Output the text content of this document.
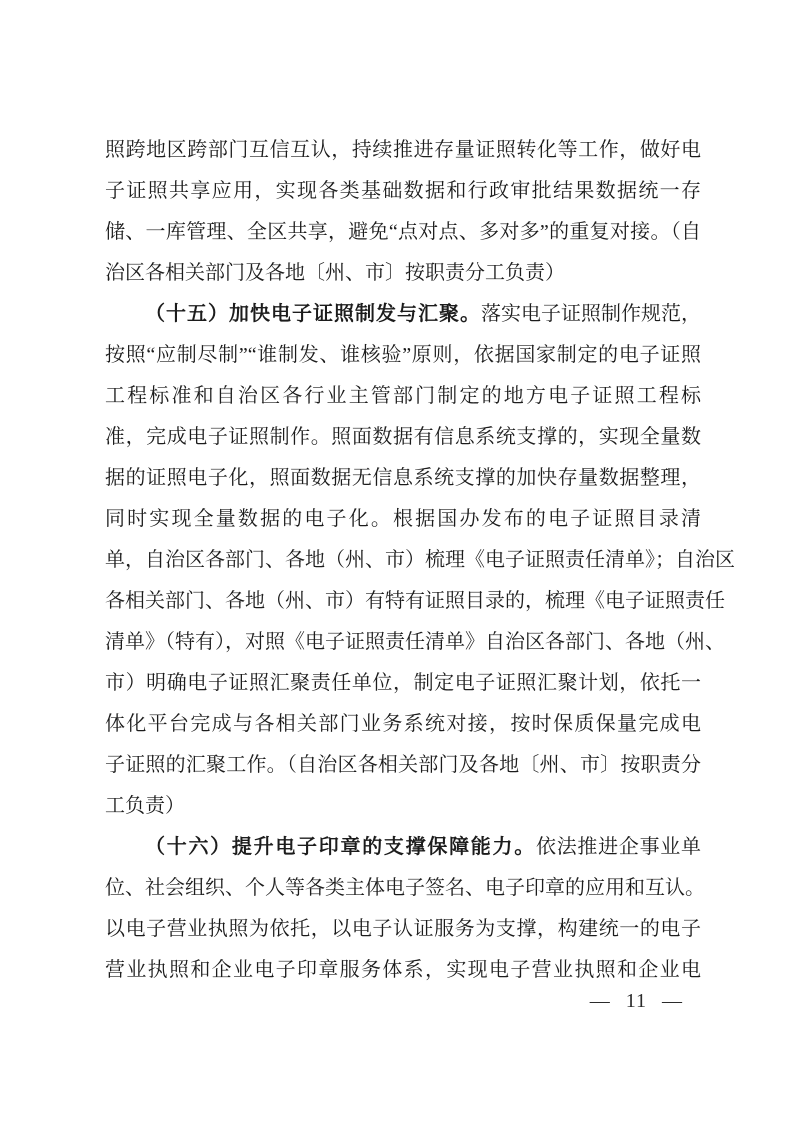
照跨地区跨部门互信互认，持续推进存量证照转化等工作，做好电
子证照共享应用，实现各类基础数据和行政审批结果数据统一存
储、一库管理、全区共享，避免“点对点、多对多”的重复对接。（自
治区各相关部门及各地〔州、市〕按职责分工负责）
（十五）加快电子证照制发与汇聚。落实电子证照制作规范，
按照“应制尽制”“谁制发、谁核验”原则，依据国家制定的电子证照
工程标准和自治区各行业主管部门制定的地方电子证照工程标
准，完成电子证照制作。照面数据有信息系统支撑的，实现全量数
据的证照电子化，照面数据无信息系统支撑的加快存量数据整理，
同时实现全量数据的电子化。根据国办发布的电子证照目录清
单，自治区各部门、各地（州、市）梳理《电子证照责任清单》；自治区
各相关部门、各地（州、市）有特有证照目录的，梳理《电子证照责任
清单》（特有），对照《电子证照责任清单》自治区各部门、各地（州、
市）明确电子证照汇聚责任单位，制定电子证照汇聚计划，依托一
体化平台完成与各相关部门业务系统对接，按时保质保量完成电
子证照的汇聚工作。（自治区各相关部门及各地〔州、市〕按职责分
工负责）
（十六）提升电子印章的支撑保障能力。依法推进企事业单
位、社会组织、个人等各类主体电子签名、电子印章的应用和互认。
以电子营业执照为依托，以电子认证服务为支撑，构建统一的电子
营业执照和企业电子印章服务体系，实现电子营业执照和企业电
— 11 —
